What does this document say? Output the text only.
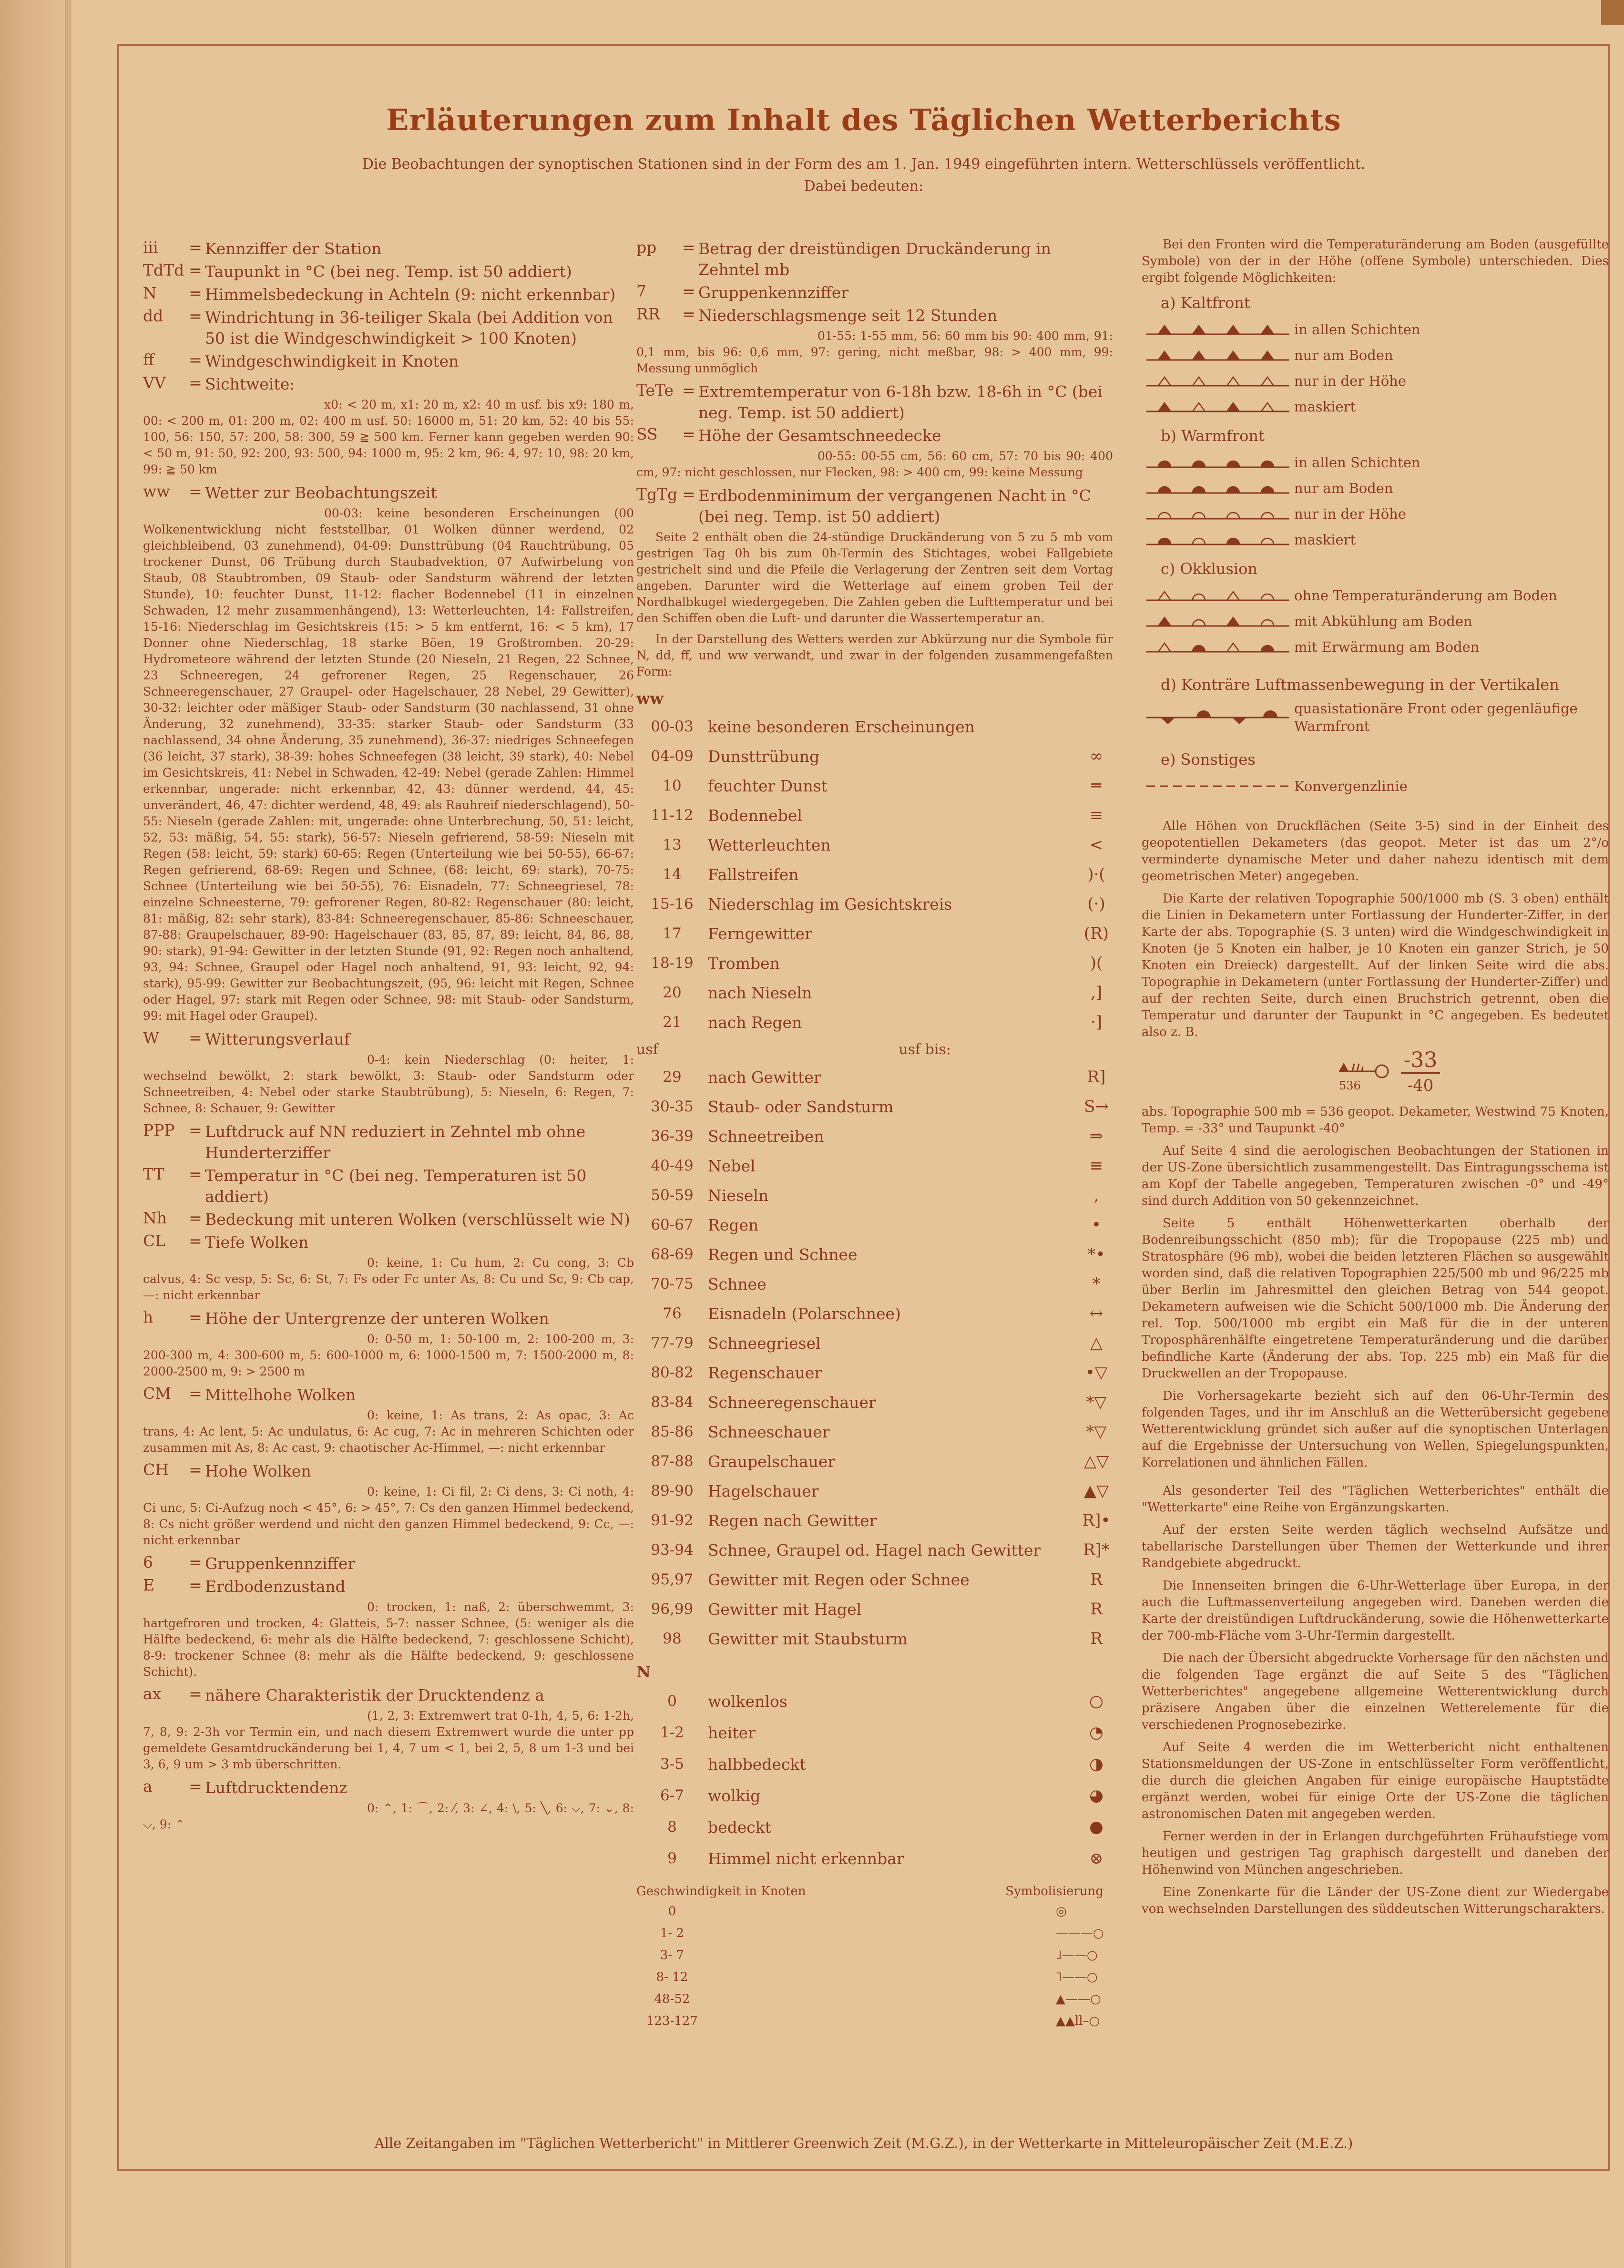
Erläuterungen zum Inhalt des Täglichen Wetterberichts
Die Beobachtungen der synoptischen Stationen sind in der Form des am 1. Jan. 1949 eingeführten intern. Wetterschlüssels veröffentlicht.
Dabei bedeuten:
iii	= Kennziffer der Station
TdTd = Taupunkt in °C (bei neg. Temp. ist 50 addiert)
N	= Himmelsbedeckung in Achteln (9: nicht erkennbar)
dd	= Windrichtung in 36-teiliger Skala (bei Addition von 50 ist die Windgeschwindigkeit > 100 Knoten)
ff	= Windgeschwindigkeit in Knoten
VV	= Sichtweite:

x0: < 20 m, x1: 20 m, x2: 40 m usf. bis x9: 180 m, 00: < 200 m, 01: 200 m, 02: 400 m usf. 50: 16000 m, 51: 20 km, 52: 40 bis 55: 100, 56: 150, 57: 200, 58: 300, 59 ≧ 500 km. Ferner kann gegeben werden 90: < 50 m, 91: 50, 92: 200, 93: 500, 94: 1000 m, 95: 2 km, 96: 4, 97: 10, 98: 20 km, 99: ≧ 50 km

ww	= Wetter zur Beobachtungszeit

00-03: keine besonderen Erscheinungen (00 Wolkenentwicklung nicht feststellbar, 01 Wolken dünner werdend, 02 gleichbleibend, 03 zunehmend), 04-09: Dunsttrübung (04 Rauchtrübung, 05 trockener Dunst, 06 Trübung durch Staubadvektion, 07 Aufwirbelung von Staub, 08 Staubtromben, 09 Staub- oder Sandsturm während der letzten Stunde), 10: feuchter Dunst, 11-12: flacher Bodennebel (11 in einzelnen Schwaden, 12 mehr zusammenhängend), 13: Wetterleuchten, 14: Fallstreifen, 15-16: Niederschlag im Gesichtskreis (15: > 5 km entfernt, 16: < 5 km), 17 Donner ohne Niederschlag, 18 starke Böen, 19 Großtromben. 20-29: Hydrometeore während der letzten Stunde (20 Nieseln, 21 Regen, 22 Schnee, 23 Schneeregen, 24 gefrorener Regen, 25 Regenschauer, 26 Schneeregenschauer, 27 Graupel- oder Hagelschauer, 28 Nebel, 29 Gewitter), 30-32: leichter oder mäßiger Staub- oder Sandsturm (30 nachlassend, 31 ohne Änderung, 32 zunehmend), 33-35: starker Staub- oder Sandsturm (33 nachlassend, 34 ohne Änderung, 35 zunehmend), 36-37: niedriges Schneefegen (36 leicht, 37 stark), 38-39: hohes Schneefegen (38 leicht, 39 stark), 40: Nebel im Gesichtskreis, 41: Nebel in Schwaden, 42-49: Nebel (gerade Zahlen: Himmel erkennbar, ungerade: nicht erkennbar, 42, 43: dünner werdend, 44, 45: unverändert, 46, 47: dichter werdend, 48, 49: als Rauhreif niederschlagend), 50-55: Nieseln (gerade Zahlen: mit, ungerade: ohne Unterbrechung, 50, 51: leicht, 52, 53: mäßig, 54, 55: stark), 56-57: Nieseln gefrierend, 58-59: Nieseln mit Regen (58: leicht, 59: stark) 60-65: Regen (Unterteilung wie bei 50-55), 66-67: Regen gefrierend, 68-69: Regen und Schnee, (68: leicht, 69: stark), 70-75: Schnee (Unterteilung wie bei 50-55), 76: Eisnadeln, 77: Schneegriesel, 78: einzelne Schneesterne, 79: gefrorener Regen, 80-82: Regenschauer (80: leicht, 81: mäßig, 82: sehr stark), 83-84: Schneeregenschauer, 85-86: Schneeschauer, 87-88: Graupelschauer, 89-90: Hagelschauer (83, 85, 87, 89: leicht, 84, 86, 88, 90: stark), 91-94: Gewitter in der letzten Stunde (91, 92: Regen noch anhaltend, 93, 94: Schnee, Graupel oder Hagel noch anhaltend, 91, 93: leicht, 92, 94: stark), 95-99: Gewitter zur Beobachtungszeit, (95, 96: leicht mit Regen, Schnee oder Hagel, 97: stark mit Regen oder Schnee, 98: mit Staub- oder Sandsturm, 99: mit Hagel oder Graupel).

W	= Witterungsverlauf

0-4: kein Niederschlag (0: heiter, 1: wechselnd bewölkt, 2: stark bewölkt, 3: Staub- oder Sandsturm oder Schneetreiben, 4: Nebel oder starke Staubtrübung), 5: Nieseln, 6: Regen, 7: Schnee, 8: Schauer, 9: Gewitter

PPP = Luftdruck auf NN reduziert in Zehntel mb ohne Hunderterziffer
TT	= Temperatur in °C (bei neg. Temperaturen ist 50 addiert)
Nh	= Bedeckung mit unteren Wolken (verschlüsselt wie N)
CL	= Tiefe Wolken

0: keine, 1: Cu hum, 2: Cu cong, 3: Cb calvus, 4: Sc vesp, 5: Sc, 6: St, 7: Fs oder Fc unter As, 8: Cu und Sc, 9: Cb cap, —: nicht erkennbar

h	= Höhe der Untergrenze der unteren Wolken

0: 0-50 m, 1: 50-100 m, 2: 100-200 m, 3: 200-300 m, 4: 300-600 m, 5: 600-1000 m, 6: 1000-1500 m, 7: 1500-2000 m, 8: 2000-2500 m, 9: > 2500 m

CM	= Mittelhohe Wolken

0: keine, 1: As trans, 2: As opac, 3: Ac trans, 4: Ac lent, 5: Ac undulatus, 6: Ac cug, 7: Ac in mehreren Schichten oder zusammen mit As, 8: Ac cast, 9: chaotischer Ac-Himmel, —: nicht erkennbar

CH	= Hohe Wolken

0: keine, 1: Ci fil, 2: Ci dens, 3: Ci noth, 4: Ci unc, 5: Ci-Aufzug noch < 45°, 6: > 45°, 7: Cs den ganzen Himmel bedeckend, 8: Cs nicht größer werdend und nicht den ganzen Himmel bedeckend, 9: Cc, —: nicht erkennbar

6	= Gruppenkennziffer
E	= Erdbodenzustand

0: trocken, 1: naß, 2: überschwemmt, 3: hartgefroren und trocken, 4: Glatteis, 5-7: nasser Schnee, (5: weniger als die Hälfte bedeckend, 6: mehr als die Hälfte bedeckend, 7: geschlossene Schicht), 8-9: trockener Schnee (8: mehr als die Hälfte bedeckend, 9: geschlossene Schicht).

ax	= nähere Charakteristik der Drucktendenz a

(1, 2, 3: Extremwert trat 0-1h, 4, 5, 6: 1-2h, 7, 8, 9: 2-3h vor Termin ein, und nach diesem Extremwert wurde die unter pp gemeldete Gesamtdruckänderung bei 1, 4, 7 um < 1, bei 2, 5, 8 um 1-3 und bei 3, 6, 9 um > 3 mb überschritten.

a	= Luftdrucktendenz

0: ⌃, 1: ⌒, 2: ⁄, 3: ∠, 4: \, 5: ╲, 6: ⌵, 7: ⌄, 8: ⌵, 9: ⌃

pp	= Betrag der dreistündigen Druckänderung in Zehntel mb
7	= Gruppenkennziffer
RR	= Niederschlagsmenge seit 12 Stunden

01-55: 1-55 mm, 56: 60 mm bis 90: 400 mm, 91: 0,1 mm, bis 96: 0,6 mm, 97: gering, nicht meßbar, 98: > 400 mm, 99: Messung unmöglich

TeTe = Extremtemperatur von 6-18h bzw. 18-6h in °C (bei neg. Temp. ist 50 addiert)
SS	= Höhe der Gesamtschneedecke

00-55: 00-55 cm, 56: 60 cm, 57: 70 bis 90: 400 cm, 97: nicht geschlossen, nur Flecken, 98: > 400 cm, 99: keine Messung

TgTg = Erdbodenminimum der vergangenen Nacht in °C (bei neg. Temp. ist 50 addiert)

Seite 2 enthält oben die 24-stündige Druckänderung von 5 zu 5 mb vom gestrigen Tag 0h bis zum 0h-Termin des Stichtages, wobei Fallgebiete gestrichelt sind und die Pfeile die Verlagerung der Zentren seit dem Vortag angeben. Darunter wird die Wetterlage auf einem groben Teil der Nordhalbkugel wiedergegeben. Die Zahlen geben die Lufttemperatur und bei den Schiffen oben die Luft- und darunter die Wassertemperatur an.

In der Darstellung des Wetters werden zur Abkürzung nur die Symbole für N, dd, ff, und ww verwandt, und zwar in der folgenden zusammengefaßten Form:

ww
00-03 keine besonderen Erscheinungen
04-09 Dunsttrübung	∞
10	feuchter Dunst	═
11-12 Bodennebel	≡
13	Wetterleuchten	<
14	Fallstreifen	)·(
15-16 Niederschlag im Gesichtskreis	(·)
17	Ferngewitter	(R)
18-19 Tromben	)(
20	nach Nieseln	,]
21	nach Regen	·]
usf	usf bis:
29	nach Gewitter	R]
30-35 Staub- oder Sandsturm	S→
36-39 Schneetreiben	⇒
40-49 Nebel	≡
50-59 Nieseln	,
60-67 Regen	•
68-69 Regen und Schnee	*•
70-75 Schnee	*
76	Eisnadeln (Polarschnee)	↔
77-79 Schneegriesel	△
80-82 Regenschauer	•▽
83-84 Schneeregenschauer	*▽
85-86 Schneeschauer	*▽
87-88 Graupelschauer	△▽
89-90 Hagelschauer	▲▽
91-92 Regen nach Gewitter	R]•
93-94 Schnee, Graupel od. Hagel nach Gewitter	R]*
95,97 Gewitter mit Regen oder Schnee	R
96,99 Gewitter mit Hagel	R
98	Gewitter mit Staubsturm	R
N
0	wolkenlos	○
1-2	heiter	◔
3-5	halbbedeckt	◑
6-7	wolkig	◕
8	bedeckt	●
9	Himmel nicht erkennbar	⊗
Geschwindigkeit in Knoten	Symbolisierung
0	◎
1- 2	———○
3- 7	˩——○
8- 12	˥——○
48-52	▲——○
123-127	▲▲ll–○

Bei den Fronten wird die Temperaturänderung am Boden (ausgefüllte Symbole) von der in der Höhe (offene Symbole) unterschieden. Dies ergibt folgende Möglichkeiten:

a) Kaltfront
in allen Schichten
nur am Boden
nur in der Höhe
maskiert
b) Warmfront
in allen Schichten
nur am Boden
nur in der Höhe
maskiert
c) Okklusion
ohne Temperaturänderung am Boden
mit Abkühlung am Boden
mit Erwärmung am Boden
d) Konträre Luftmassenbewegung in der Vertikalen
quasistationäre Front oder gegenläufige Warmfront
e) Sonstiges
Konvergenzlinie

Alle Höhen von Druckflächen (Seite 3-5) sind in der Einheit des geopotentiellen Dekameters (das geopot. Meter ist das um 2°/o verminderte dynamische Meter und daher nahezu identisch mit dem geometrischen Meter) angegeben.

Die Karte der relativen Topographie 500/1000 mb (S. 3 oben) enthält die Linien in Dekametern unter Fortlassung der Hunderter-Ziffer, in der Karte der abs. Topographie (S. 3 unten) wird die Windgeschwindigkeit in Knoten (je 5 Knoten ein halber, je 10 Knoten ein ganzer Strich, je 50 Knoten ein Dreieck) dargestellt. Auf der linken Seite wird die abs. Topographie in Dekametern (unter Fortlassung der Hunderter-Ziffer) und auf der rechten Seite, durch einen Bruchstrich getrennt, oben die Temperatur und darunter der Taupunkt in °C angegeben. Es bedeutet also z. B.

536
-33
-40

abs. Topographie 500 mb = 536 geopot. Dekameter, Westwind 75 Knoten, Temp. = -33° und Taupunkt -40°

Auf Seite 4 sind die aerologischen Beobachtungen der Stationen in der US-Zone übersichtlich zusammengestellt. Das Eintragungsschema ist am Kopf der Tabelle angegeben, Temperaturen zwischen -0° und -49° sind durch Addition von 50 gekennzeichnet.

Seite 5 enthält Höhenwetterkarten oberhalb der Bodenreibungsschicht (850 mb); für die Tropopause (225 mb) und Stratosphäre (96 mb), wobei die beiden letzteren Flächen so ausgewählt worden sind, daß die relativen Topographien 225/500 mb und 96/225 mb über Berlin im Jahresmittel den gleichen Betrag von 544 geopot. Dekametern aufweisen wie die Schicht 500/1000 mb. Die Änderung der rel. Top. 500/1000 mb ergibt ein Maß für die in der unteren Troposphärenhälfte eingetretene Temperaturänderung und die darüber befindliche Karte (Änderung der abs. Top. 225 mb) ein Maß für die Druckwellen an der Tropopause.

Die Vorhersagekarte bezieht sich auf den 06-Uhr-Termin des folgenden Tages, und ihr im Anschluß an die Wetterübersicht gegebene Wetterentwicklung gründet sich außer auf die synoptischen Unterlagen auf die Ergebnisse der Untersuchung von Wellen, Spiegelungspunkten, Korrelationen und ähnlichen Fällen.

Als gesonderter Teil des "Täglichen Wetterberichtes" enthält die "Wetterkarte" eine Reihe von Ergänzungskarten.

Auf der ersten Seite werden täglich wechselnd Aufsätze und tabellarische Darstellungen über Themen der Wetterkunde und ihrer Randgebiete abgedruckt.

Die Innenseiten bringen die 6-Uhr-Wetterlage über Europa, in der auch die Luftmassenverteilung angegeben wird. Daneben werden die Karte der dreistündigen Luftdruckänderung, sowie die Höhenwetterkarte der 700-mb-Fläche vom 3-Uhr-Termin dargestellt.

Die nach der Übersicht abgedruckte Vorhersage für den nächsten und die folgenden Tage ergänzt die auf Seite 5 des "Täglichen Wetterberichtes" angegebene allgemeine Wetterentwicklung durch präzisere Angaben über die einzelnen Wetterelemente für die verschiedenen Prognosebezirke.

Auf Seite 4 werden die im Wetterbericht nicht enthaltenen Stationsmeldungen der US-Zone in entschlüsselter Form veröffentlicht, die durch die gleichen Angaben für einige europäische Hauptstädte ergänzt werden, wobei für einige Orte der US-Zone die täglichen astronomischen Daten mit angegeben werden.

Ferner werden in der in Erlangen durchgeführten Frühaufstiege vom heutigen und gestrigen Tag graphisch dargestellt und daneben der Höhenwind von München angeschrieben.

Eine Zonenkarte für die Länder der US-Zone dient zur Wiedergabe von wechselnden Darstellungen des süddeutschen Witterungscharakters.

Alle Zeitangaben im "Täglichen Wetterbericht" in Mittlerer Greenwich Zeit (M.G.Z.), in der Wetterkarte in Mitteleuropäischer Zeit (M.E.Z.)
